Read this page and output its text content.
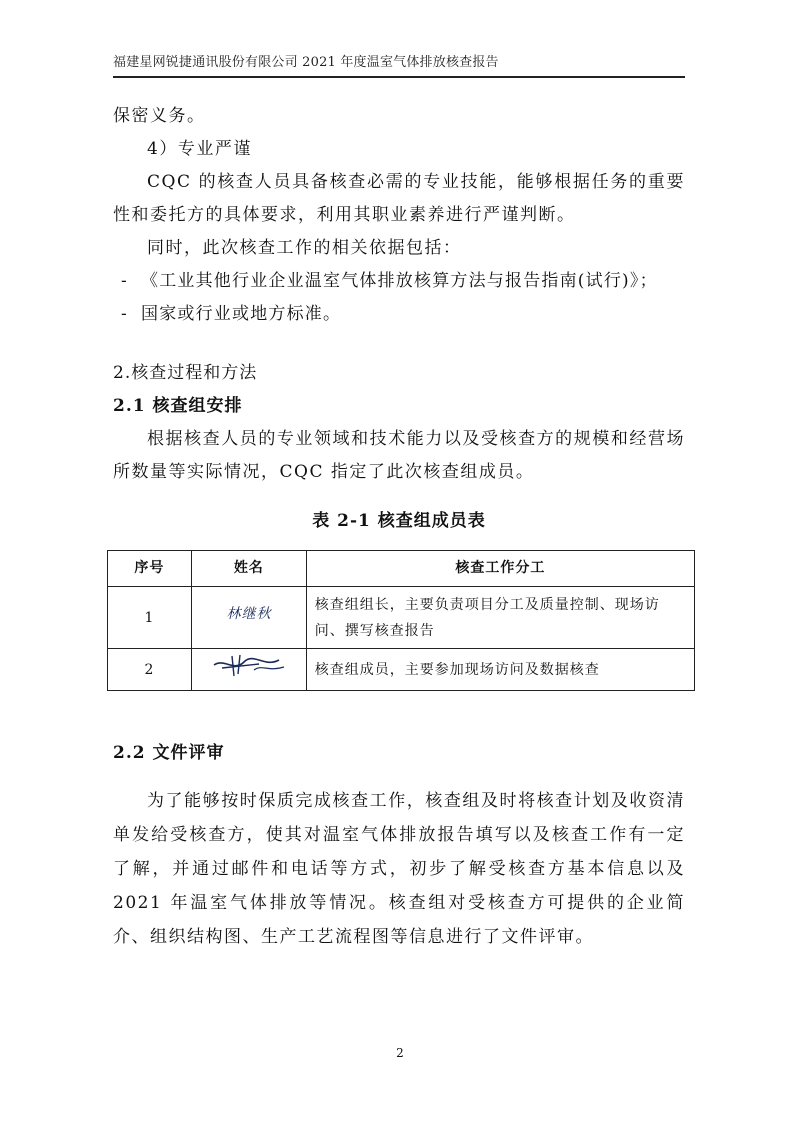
福建星网锐捷通讯股份有限公司 2021 年度温室气体排放核查报告

保密义务。

4）专业严谨

CQC 的核查人员具备核查必需的专业技能，能够根据任务的重要性和委托方的具体要求，利用其职业素养进行严谨判断。

同时，此次核查工作的相关依据包括：

- 《工业其他行业企业温室气体排放核算方法与报告指南(试行)》；
- 国家或行业或地方标准。

2.核查过程和方法

2.1 核查组安排

根据核查人员的专业领域和技术能力以及受核查方的规模和经营场所数量等实际情况，CQC 指定了此次核查组成员。

表 2-1 核查组成员表
序号	姓名	核查工作分工
1	林继秋	核查组组长，主要负责项目分工及质量控制、现场访问、撰写核查报告
2		核查组成员，主要参加现场访问及数据核查

2.2 文件评审

为了能够按时保质完成核查工作，核查组及时将核查计划及收资清单发给受核查方，使其对温室气体排放报告填写以及核查工作有一定了解，并通过邮件和电话等方式，初步了解受核查方基本信息以及 2021 年温室气体排放等情况。核查组对受核查方可提供的企业简介、组织结构图、生产工艺流程图等信息进行了文件评审。

2
